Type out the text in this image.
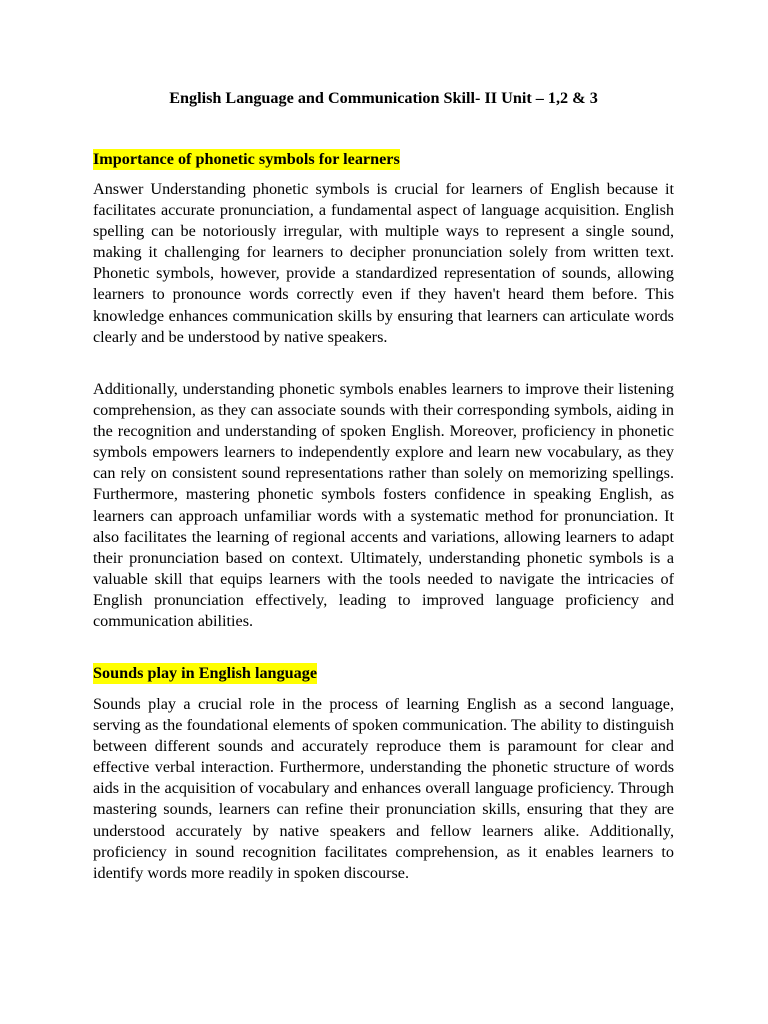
English Language and Communication Skill- II Unit – 1,2 & 3

Importance of phonetic symbols for learners

Answer Understanding phonetic symbols is crucial for learners of English because it facilitates accurate pronunciation, a fundamental aspect of language acquisition. English spelling can be notoriously irregular, with multiple ways to represent a single sound, making it challenging for learners to decipher pronunciation solely from written text. Phonetic symbols, however, provide a standardized representation of sounds, allowing learners to pronounce words correctly even if they haven't heard them before. This knowledge enhances communication skills by ensuring that learners can articulate words clearly and be understood by native speakers.

Additionally, understanding phonetic symbols enables learners to improve their listening comprehension, as they can associate sounds with their corresponding symbols, aiding in the recognition and understanding of spoken English. Moreover, proficiency in phonetic symbols empowers learners to independently explore and learn new vocabulary, as they can rely on consistent sound representations rather than solely on memorizing spellings. Furthermore, mastering phonetic symbols fosters confidence in speaking English, as learners can approach unfamiliar words with a systematic method for pronunciation. It also facilitates the learning of regional accents and variations, allowing learners to adapt their pronunciation based on context. Ultimately, understanding phonetic symbols is a valuable skill that equips learners with the tools needed to navigate the intricacies of English pronunciation effectively, leading to improved language proficiency and communication abilities.

Sounds play in English language

Sounds play a crucial role in the process of learning English as a second language, serving as the foundational elements of spoken communication. The ability to distinguish between different sounds and accurately reproduce them is paramount for clear and effective verbal interaction. Furthermore, understanding the phonetic structure of words aids in the acquisition of vocabulary and enhances overall language proficiency. Through mastering sounds, learners can refine their pronunciation skills, ensuring that they are understood accurately by native speakers and fellow learners alike. Additionally, proficiency in sound recognition facilitates comprehension, as it enables learners to identify words more readily in spoken discourse.
